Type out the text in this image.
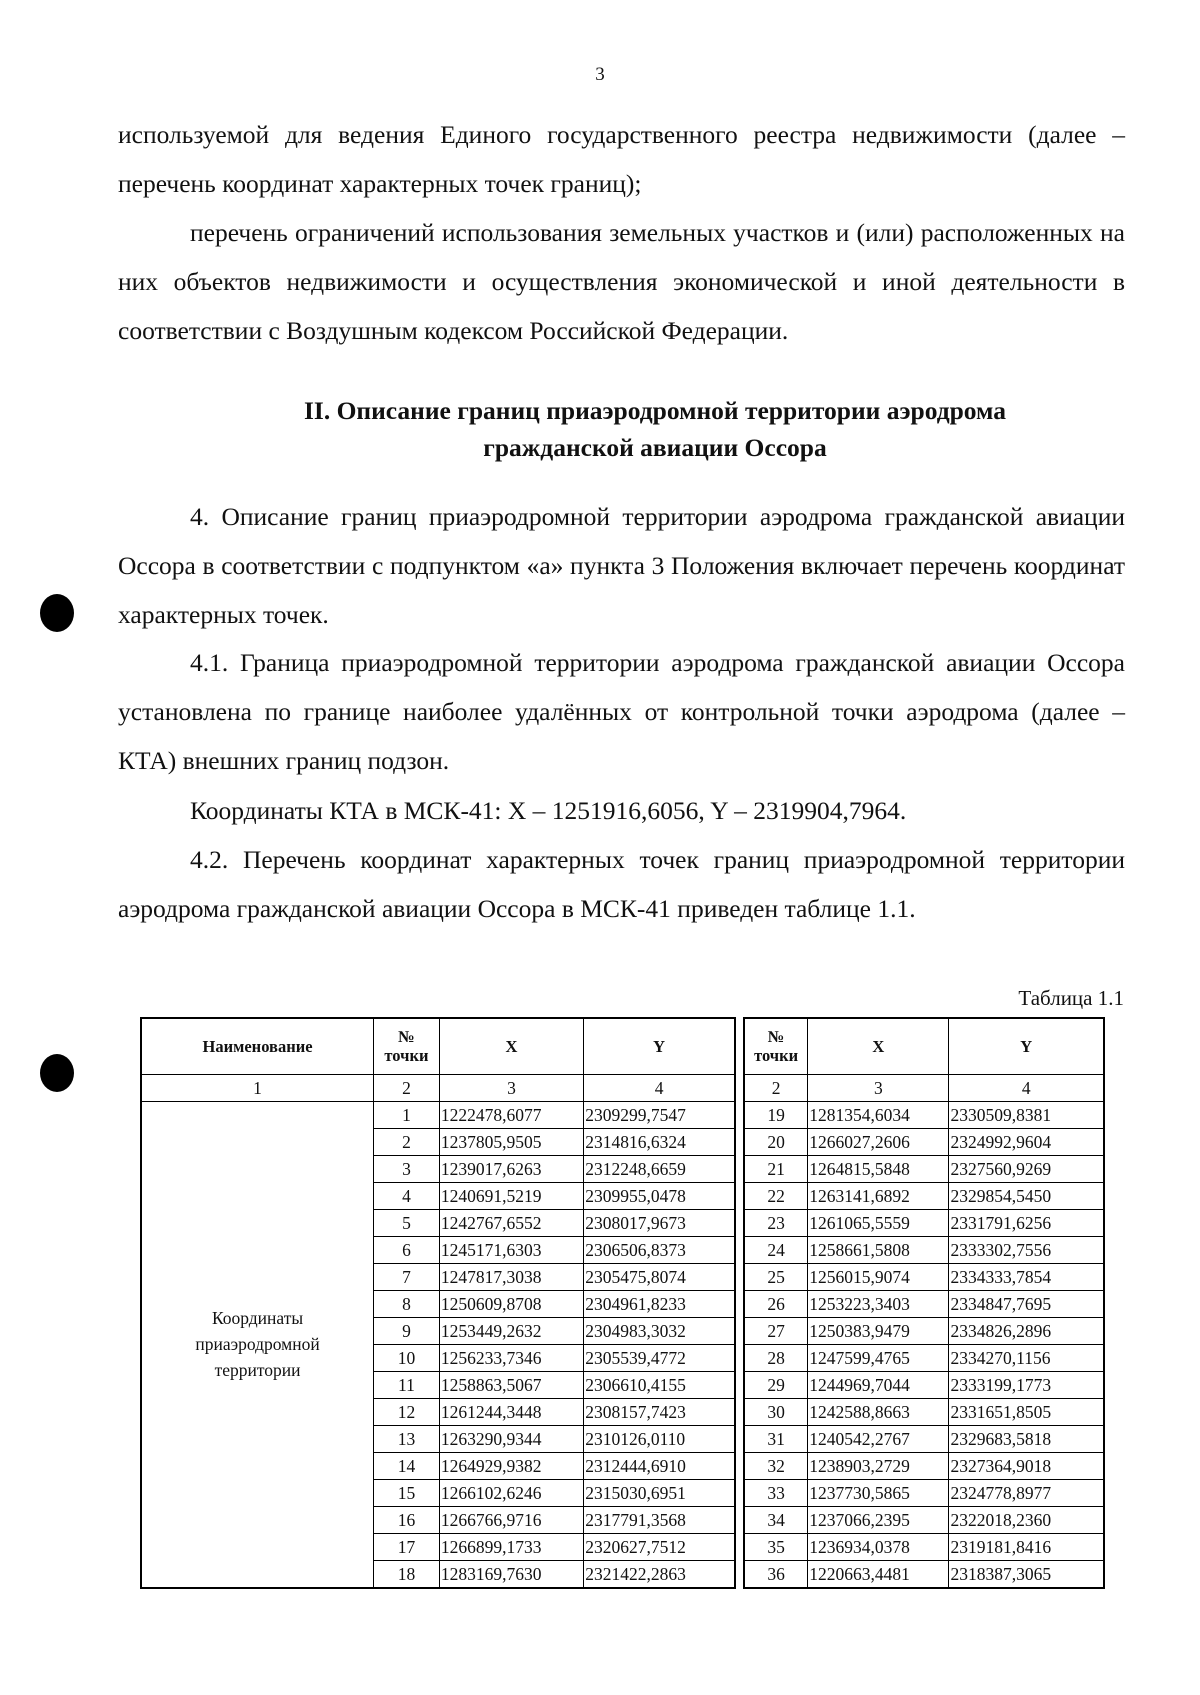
3

используемой для ведения Единого государственного реестра недвижимости (далее – перечень координат характерных точек границ);

перечень ограничений использования земельных участков и (или) расположенных на них объектов недвижимости и осуществления экономической и иной деятельности в соответствии с Воздушным кодексом Российской Федерации.

II. Описание границ приаэродромной территории аэродрома
гражданской авиации Оссора

4. Описание границ приаэродромной территории аэродрома гражданской авиации Оссора в соответствии с подпунктом «а» пункта 3 Положения включает перечень координат характерных точек.

4.1. Граница приаэродромной территории аэродрома гражданской авиации Оссора установлена по границе наиболее удалённых от контрольной точки аэродрома (далее – КТА) внешних границ подзон.

Координаты КТА в МСК-41: X – 1251916,6056, Y – 2319904,7964.

4.2. Перечень координат характерных точек границ приаэродромной территории аэродрома гражданской авиации Оссора в МСК-41 приведен таблице 1.1.

Таблица 1.1
Наименование	№
точки	X	Y
1	2	3	4
Координаты приаэродромной территории	1	1222478,6077	2309299,7547
	2	1237805,9505	2314816,6324
	3	1239017,6263	2312248,6659
	4	1240691,5219	2309955,0478
	5	1242767,6552	2308017,9673
	6	1245171,6303	2306506,8373
	7	1247817,3038	2305475,8074
	8	1250609,8708	2304961,8233
	9	1253449,2632	2304983,3032
	10	1256233,7346	2305539,4772
	11	1258863,5067	2306610,4155
	12	1261244,3448	2308157,7423
	13	1263290,9344	2310126,0110
	14	1264929,9382	2312444,6910
	15	1266102,6246	2315030,6951
	16	1266766,9716	2317791,3568
	17	1266899,1733	2320627,7512
	18	1283169,7630	2321422,2863
№
точки	X	Y
2	3	4
19	1281354,6034	2330509,8381
20	1266027,2606	2324992,9604
21	1264815,5848	2327560,9269
22	1263141,6892	2329854,5450
23	1261065,5559	2331791,6256
24	1258661,5808	2333302,7556
25	1256015,9074	2334333,7854
26	1253223,3403	2334847,7695
27	1250383,9479	2334826,2896
28	1247599,4765	2334270,1156
29	1244969,7044	2333199,1773
30	1242588,8663	2331651,8505
31	1240542,2767	2329683,5818
32	1238903,2729	2327364,9018
33	1237730,5865	2324778,8977
34	1237066,2395	2322018,2360
35	1236934,0378	2319181,8416
36	1220663,4481	2318387,3065
